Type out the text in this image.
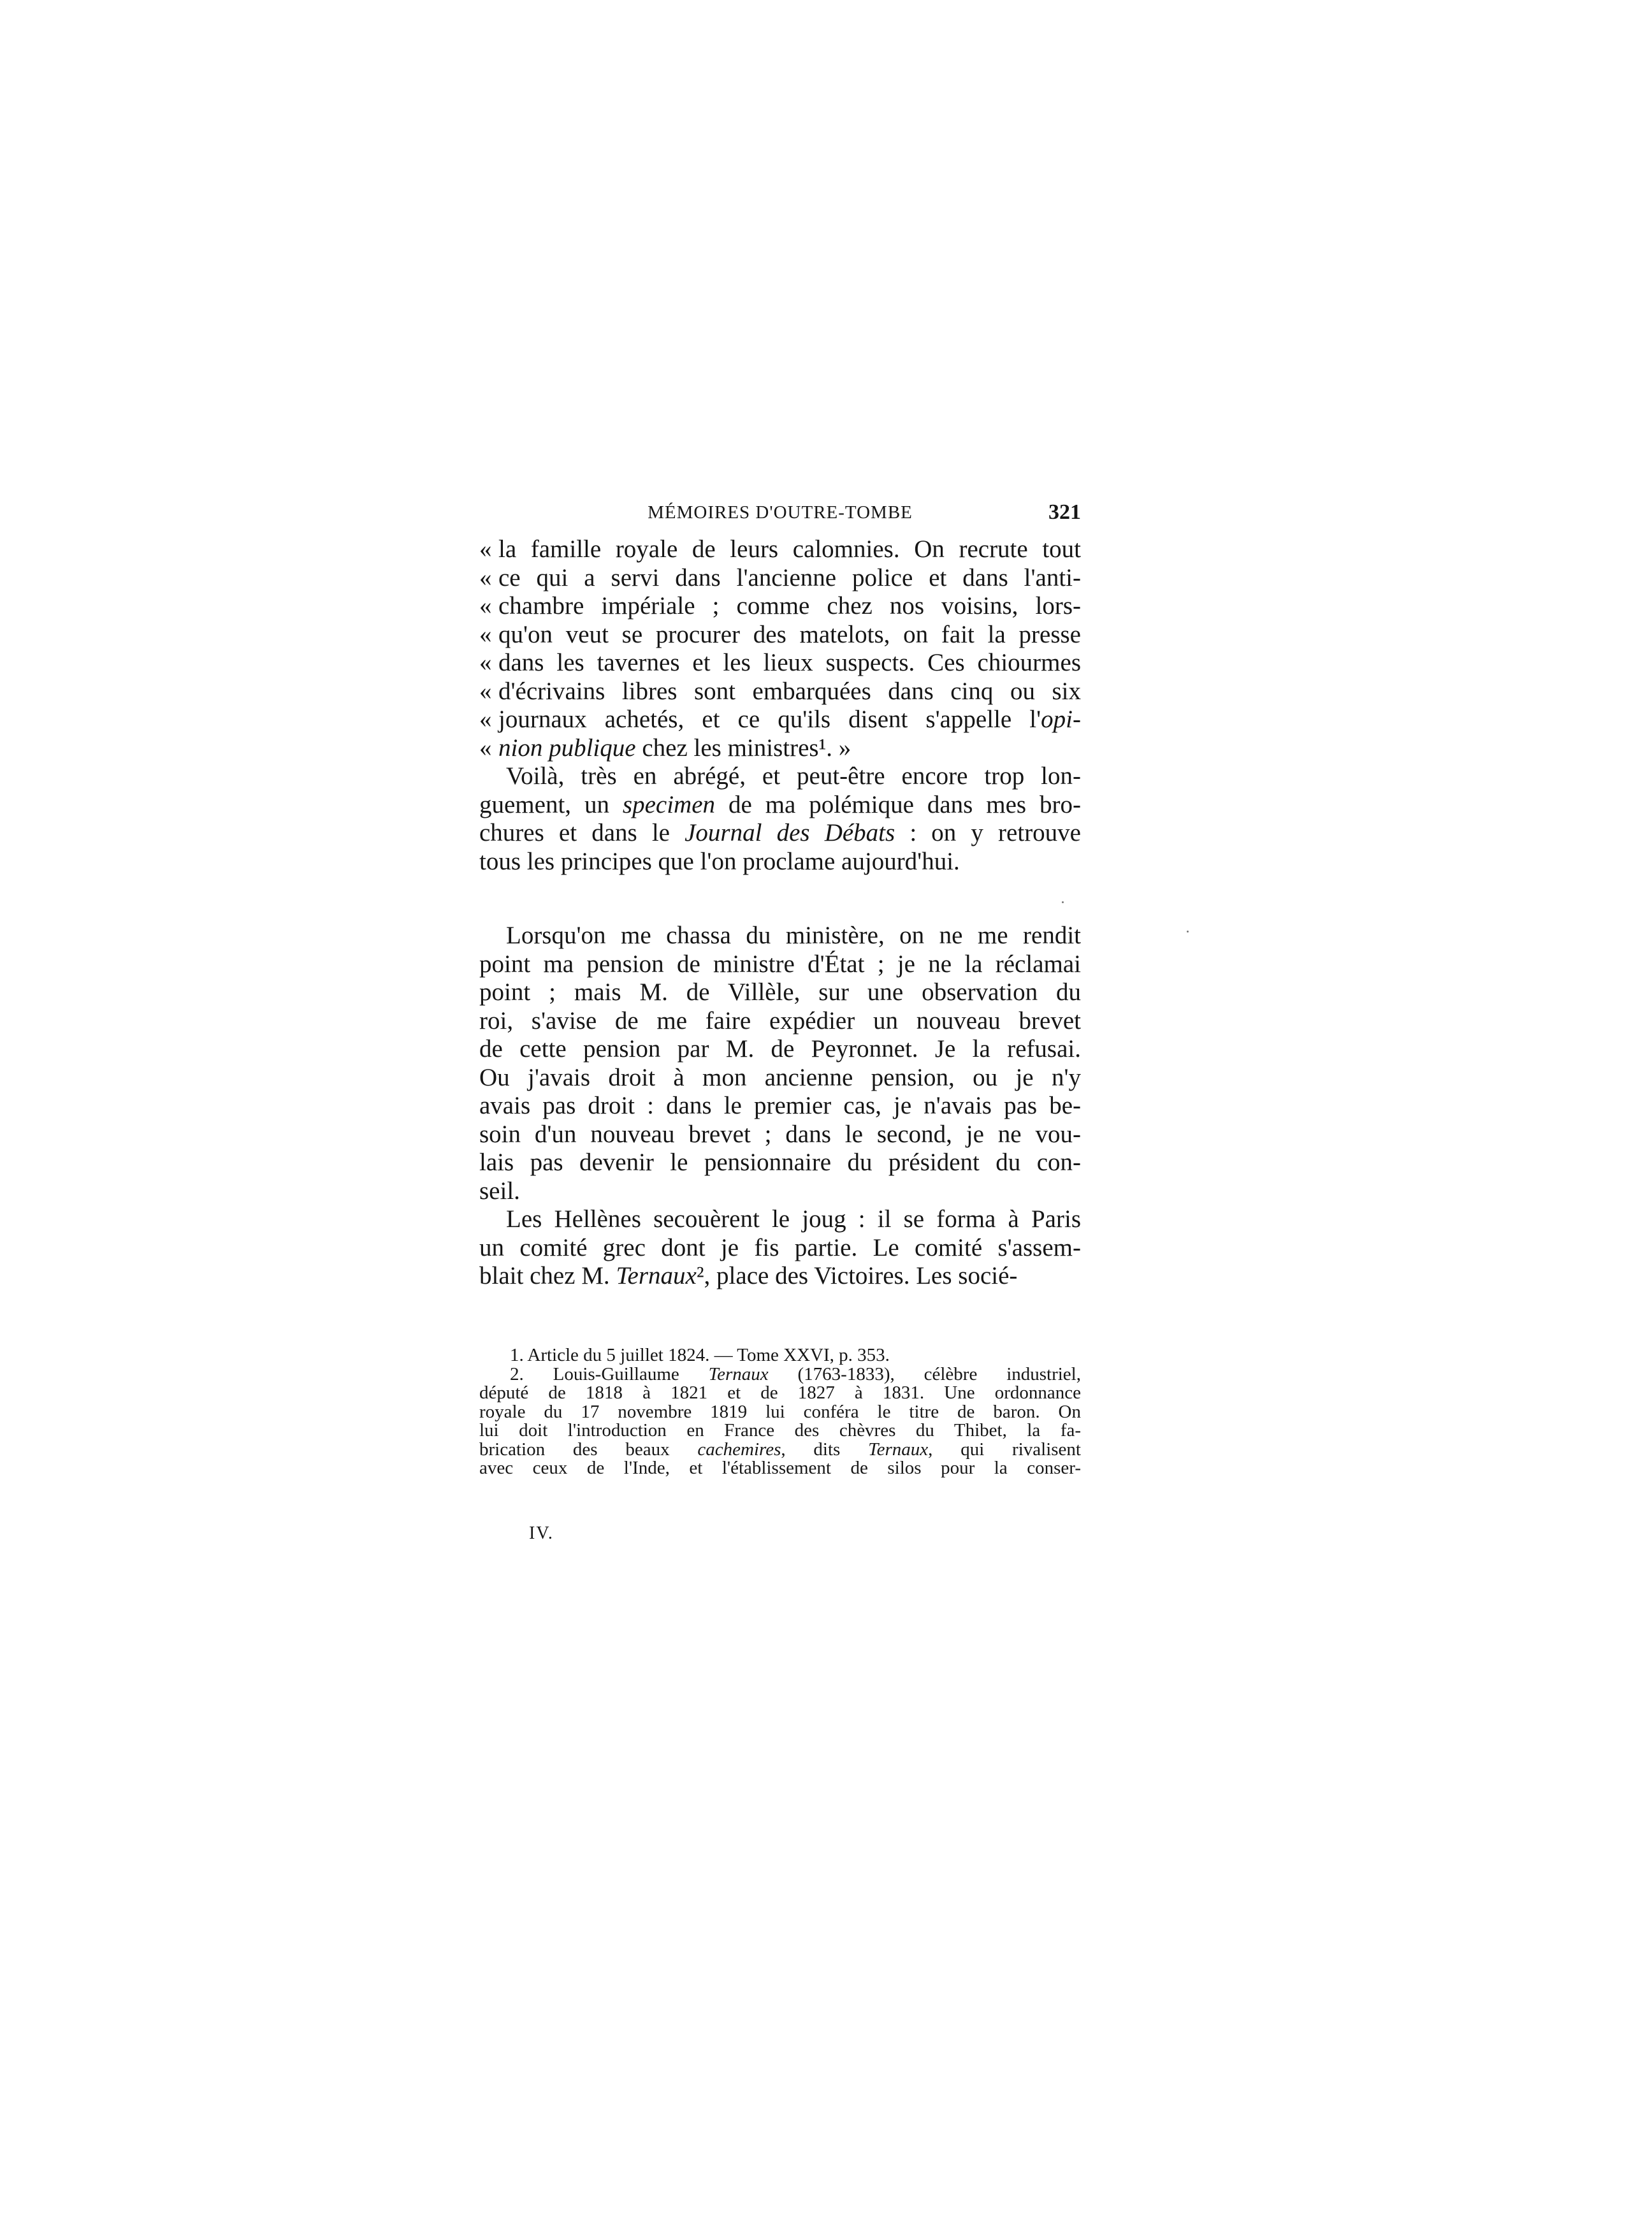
MÉMOIRES D'OUTRE-TOMBE	321
« la famille royale de leurs calomnies. On recrute tout
« ce qui a servi dans l'ancienne police et dans l'anti-
« chambre impériale ; comme chez nos voisins, lors-
« qu'on veut se procurer des matelots, on fait la presse
« dans les tavernes et les lieux suspects. Ces chiourmes
« d'écrivains libres sont embarquées dans cinq ou six
« journaux achetés, et ce qu'ils disent s'appelle l'opi-
« nion publique chez les ministres¹. »
Voilà, très en abrégé, et peut-être encore trop lon-
guement, un specimen de ma polémique dans mes bro-
chures et dans le Journal des Débats : on y retrouve
tous les principes que l'on proclame aujourd'hui.
Lorsqu'on me chassa du ministère, on ne me rendit
point ma pension de ministre d'État ; je ne la réclamai
point ; mais M. de Villèle, sur une observation du
roi, s'avise de me faire expédier un nouveau brevet
de cette pension par M. de Peyronnet. Je la refusai.
Ou j'avais droit à mon ancienne pension, ou je n'y
avais pas droit : dans le premier cas, je n'avais pas be-
soin d'un nouveau brevet ; dans le second, je ne vou-
lais pas devenir le pensionnaire du président du con-
seil.
Les Hellènes secouèrent le joug : il se forma à Paris
un comité grec dont je fis partie. Le comité s'assem-
blait chez M. Ternaux², place des Victoires. Les socié-
1. Article du 5 juillet 1824. — Tome XXVI, p. 353.
2. Louis-Guillaume Ternaux (1763-1833), célèbre industriel,
député de 1818 à 1821 et de 1827 à 1831. Une ordonnance
royale du 17 novembre 1819 lui conféra le titre de baron. On
lui doit l'introduction en France des chèvres du Thibet, la fa-
brication des beaux cachemires, dits Ternaux, qui rivalisent
avec ceux de l'Inde, et l'établissement de silos pour la conser-
IV.
